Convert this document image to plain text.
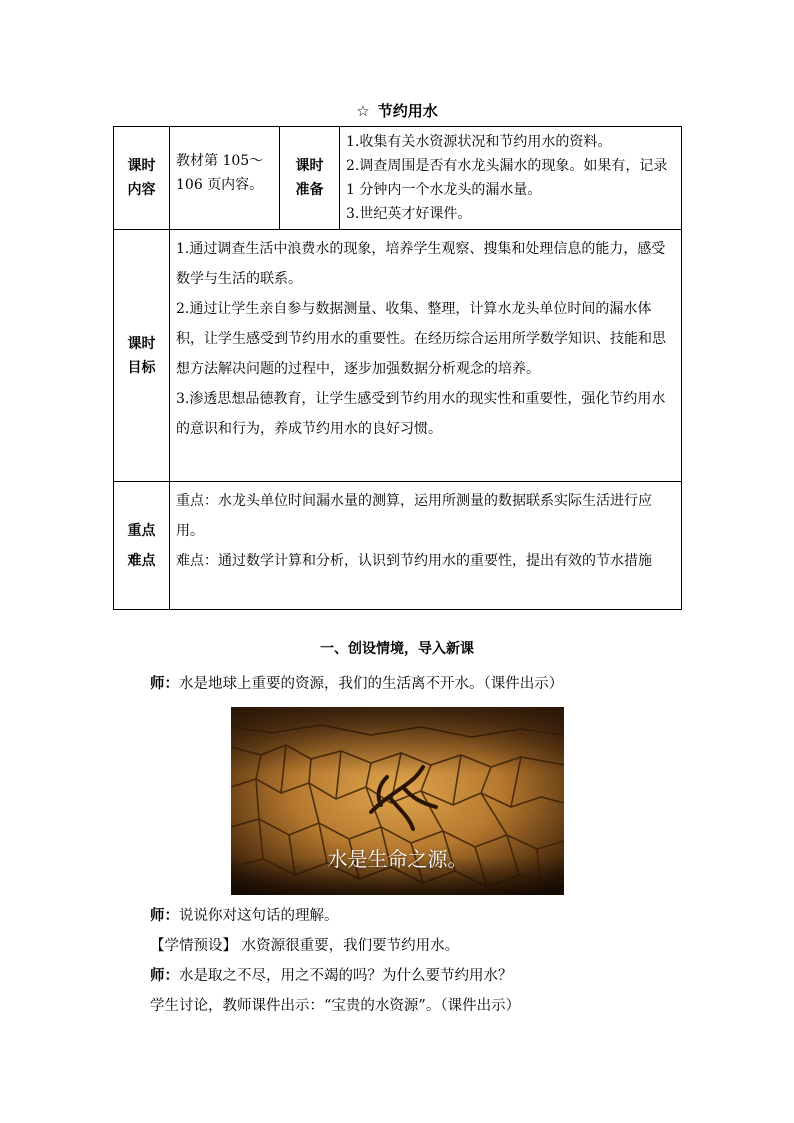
☆ 节约用水
课时内容	教材第 105～106 页内容。	课时准备	1.收集有关水资源状况和节约用水的资料。

2.调查周围是否有水龙头漏水的现象。如果有，记录 1 分钟内一个水龙头的漏水量。

3.世纪英才好课件。

课时目标	1.通过调查生活中浪费水的现象，培养学生观察、搜集和处理信息的能力，感受数学与生活的联系。

2.通过让学生亲自参与数据测量、收集、整理，计算水龙头单位时间的漏水体积，让学生感受到节约用水的重要性。在经历综合运用所学数学知识、技能和思想方法解决问题的过程中，逐步加强数据分析观念的培养。

3.渗透思想品德教育，让学生感受到节约用水的现实性和重要性，强化节约用水的意识和行为，养成节约用水的良好习惯。		

重点难点	重点：水龙头单位时间漏水量的测算，运用所测量的数据联系实际生活进行应用。

难点：通过数学计算和分析，认识到节约用水的重要性，提出有效的节水措施		

一、创设情境，导入新课
师：水是地球上重要的资源，我们的生活离不开水。（课件出示）
水是生命之源。
师：说说你对这句话的理解。
【学情预设】 水资源很重要，我们要节约用水。
师：水是取之不尽，用之不竭的吗？为什么要节约用水？
学生讨论，教师课件出示：“宝贵的水资源”。（课件出示）
